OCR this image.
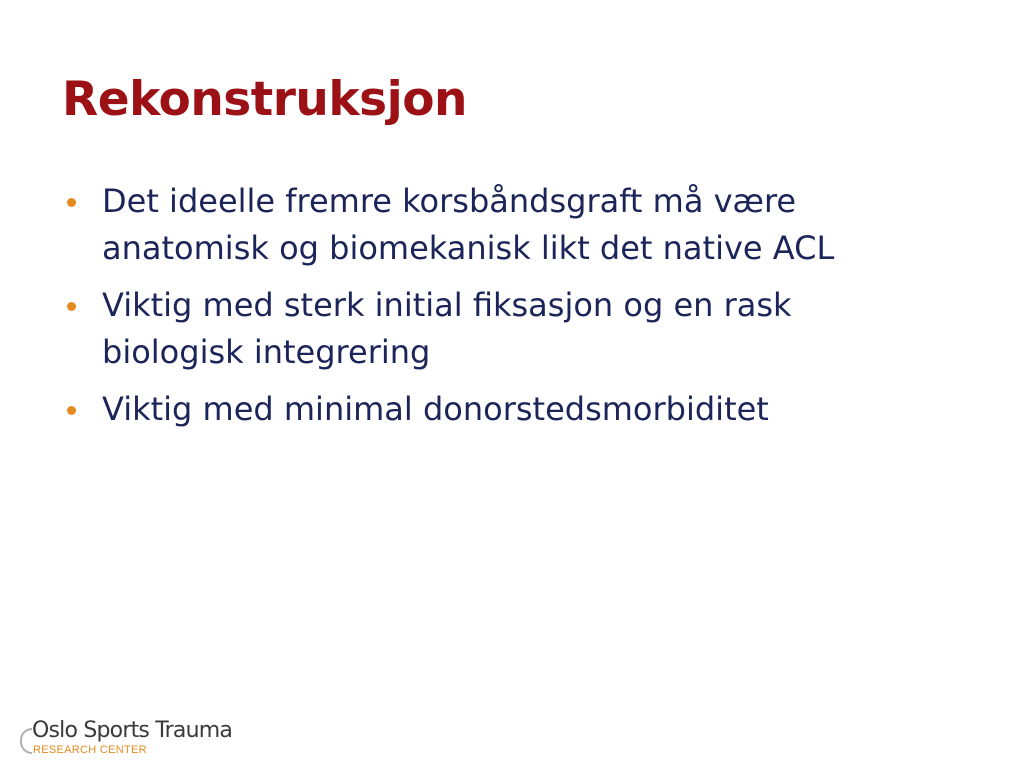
Rekonstruksjon
Det ideelle fremre korsbåndsgraft må være anatomisk og biomekanisk likt det native ACL
Viktig med sterk initial fiksasjon og en rask biologisk integrering
Viktig med minimal donorstedsmorbiditet
Oslo Sports Trauma
RESEARCH CENTER
